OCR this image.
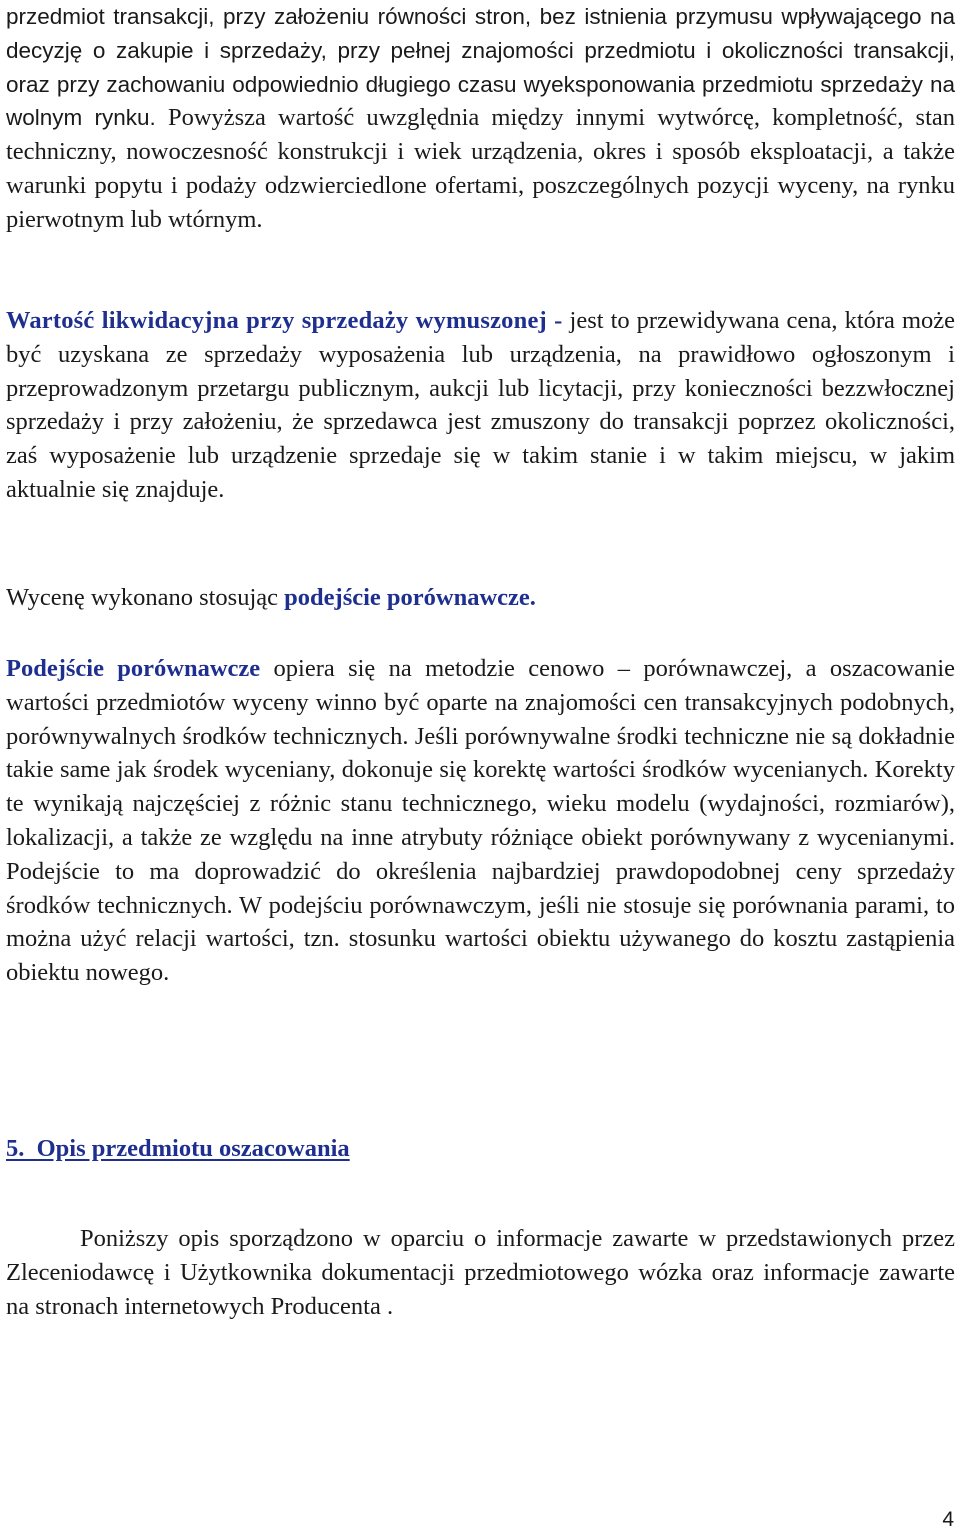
przedmiot transakcji, przy założeniu równości stron, bez istnienia przymusu wpływającego na decyzję o zakupie i sprzedaży, przy pełnej znajomości przedmiotu i okoliczności transakcji, oraz przy zachowaniu odpowiednio długiego czasu wyeksponowania przedmiotu sprzedaży na wolnym rynku. Powyższa wartość uwzględnia między innymi wytwórcę, kompletność, stan techniczny, nowoczesność konstrukcji i wiek urządzenia, okres i sposób eksploatacji, a także warunki popytu i podaży odzwierciedlone ofertami, poszczególnych pozycji wyceny, na rynku pierwotnym lub wtórnym.

Wartość likwidacyjna przy sprzedaży wymuszonej - jest to przewidywana cena, która może być uzyskana ze sprzedaży wyposażenia lub urządzenia, na prawidłowo ogłoszonym i przeprowadzonym przetargu publicznym, aukcji lub licytacji, przy konieczności bezzwłocznej sprzedaży i przy założeniu, że sprzedawca jest zmuszony do transakcji poprzez okoliczności, zaś wyposażenie lub urządzenie sprzedaje się w takim stanie i w takim miejscu, w jakim aktualnie się znajduje.

Wycenę wykonano stosując podejście porównawcze.

Podejście porównawcze opiera się na metodzie cenowo – porównawczej, a oszacowanie wartości przedmiotów wyceny winno być oparte na znajomości cen transakcyjnych podobnych, porównywalnych środków technicznych. Jeśli porównywalne środki techniczne nie są dokładnie takie same jak środek wyceniany, dokonuje się korektę wartości środków wycenianych. Korekty te wynikają najczęściej z różnic stanu technicznego, wieku modelu (wydajności, rozmiarów), lokalizacji, a także ze względu na inne atrybuty różniące obiekt porównywany z wycenianymi. Podejście to ma doprowadzić do określenia najbardziej prawdopodobnej ceny sprzedaży środków technicznych. W podejściu porównawczym, jeśli nie stosuje się porównania parami, to można użyć relacji wartości, tzn. stosunku wartości obiektu używanego do kosztu zastąpienia obiektu nowego.

5.  Opis przedmiotu oszacowania

Poniższy opis sporządzono w oparciu o informacje zawarte w przedstawionych przez Zleceniodawcę i Użytkownika dokumentacji przedmiotowego wózka oraz informacje zawarte na stronach internetowych Producenta .

4
